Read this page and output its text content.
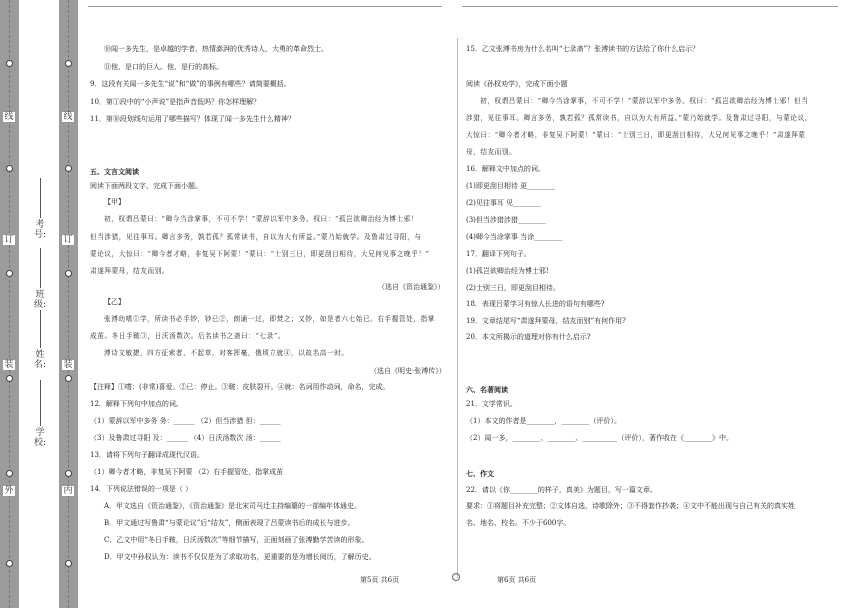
线
订
装
外
线
订
装
内
考号:
班级:
姓名:
学校:
⑩闻一多先生，是卓越的学者，热情澎湃的优秀诗人，大勇的革命烈士。
⑪他，是口的巨人。他，是行的高标。
9．这段有关闻一多先生“说”和“做”的事例有哪些？请简要概括。
10．第①段中的“小声说”是指声音低吗？你怎样理解？
11．第⑩段划线句运用了哪些描写？体现了闻一多先生什么精神？
五、文言文阅读
阅读下面两段文字，完成下面小题。
【甲】
初，权谓吕蒙曰：“卿今当涂掌事，不可不学！”蒙辞以军中多务。权曰：“孤岂欲卿治经为博士邪！
但当涉猎，见往事耳。卿言多务，孰若孤？孤常读书，自以为大有所益。”蒙乃始就学。及鲁肃过寻阳，与
蒙论议，大惊曰：“卿今者才略，非复吴下阿蒙！”蒙曰：“士别三日，即更刮目相待，大兄何见事之晚乎！”
肃遂拜蒙母，结友而别。
（选自《资治通鉴》）
【乙】
张溥幼嗜①学，所读书必手钞，钞已②，朗诵一过，即焚之；又钞，如是者六七始已。右手握管处，指掌
成茧。冬日手皲③，日沃汤数次。后名读书之斋曰：“七录”。
溥诗文敏捷，四方征索者，不起草，对客挥毫，俄顷立就④，以故名高一时。
（选自《明史·张溥传》）
【注释】①嗜：(非常)喜爱。②已：停止。③皲：皮肤裂开。④就：名词用作动词，命名，完成。
12．解释下列句中加点的词。
（1）蒙辞以军中多务 务：______ （2）但当涉猎 但：______
（3）及鲁肃过寻阳 及：______ （4）日沃汤数次 汤：______
13．请将下列句子翻译成现代汉语。
（1）卿今者才略，非复吴下阿蒙 （2）右手握管处，指掌成茧
14．下列说法错误的一项是（ ）
A．甲文选自《资治通鉴》，《资治通鉴》是北宋司马迁主持编纂的一部编年体通史。
B．甲文通过写鲁肃“与蒙论议”后“结友”，侧面表现了吕蒙读书后的成长与进步。
C．乙文中用“冬日手皲，日沃汤数次”等细节描写，正面刻画了张溥勤学苦读的形象。
D．甲文中孙权认为：读书不仅仅是为了求取功名，更重要的是为增长阅历，了解历史。
15．乙文张溥书房为什么名叫“七录斋”？张溥读书的方法给了你什么启示？
阅读《孙权劝学》，完成下面小题
初，权谓吕蒙曰：“卿今当涂掌事，不可不学！”蒙辞以军中多务。权曰：“孤岂欲卿治经为博士邪！但当
涉猎，见往事耳。卿言多务，孰若孤？孤常读书，自以为大有所益。”蒙乃始就学。及鲁肃过寻阳，与蒙论议，
大惊曰：“卿今者才略，非复吴下阿蒙！”蒙曰：“士别三日，即更刮目相待，大兄何见事之晚乎！”肃遂拜蒙
母，结友而别。
16．解释文中加点的词。
(1)即更刮目相待 更________
(2)见往事耳 见________
(3)但当涉猎涉猎________
(4)卿今当涂掌事 当涂________
17．翻译下列句子。
(1)孤岂欲卿治经为博士邪!
(2)士别三日，即更刮目相待。
18．表现吕蒙学习有惊人长进的语句有哪些?
19．文章结尾写“肃遂拜蒙母，结友而别”有何作用?
20．本文所揭示的道理对你有什么启示?
六、名著阅读
21．文学常识。
（1）本文的作者是________，________（评价）。
（2）闻一多，________、________、__________（评价），著作收在《________》中。
七、作文
22．请以《你________的样子，真美》为题目，写一篇文章。
要求：①将题目补充完整；②文体自选，诗歌除外；③不得套作抄袭；④文中不能出现与自己有关的真实姓
名、地名、校名。不少于600字。
第5页 共6页	第6页 共6页
